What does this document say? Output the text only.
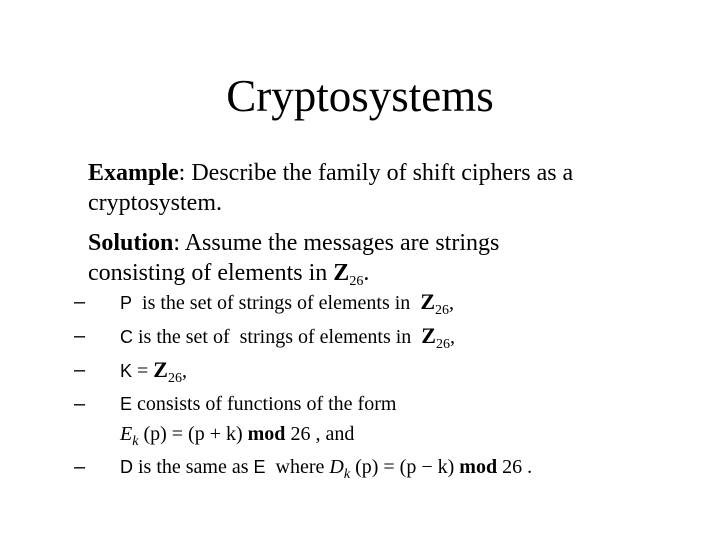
Cryptosystems
Example: Describe the family of shift ciphers as a
cryptosystem.
Solution: Assume the messages are strings
consisting of elements in $Z_{26}$.
– P  is the set of strings of elements in  $Z_{26}$,
– C is the set of  strings of elements in  $Z_{26}$,
– $K = Z_{26}$,
– E consists of functions of the form
$E_k$ (p) = (p + k) mod 26 , and
– D is the same as E  where $D_k$ (p) = (p − k) mod 26 .
